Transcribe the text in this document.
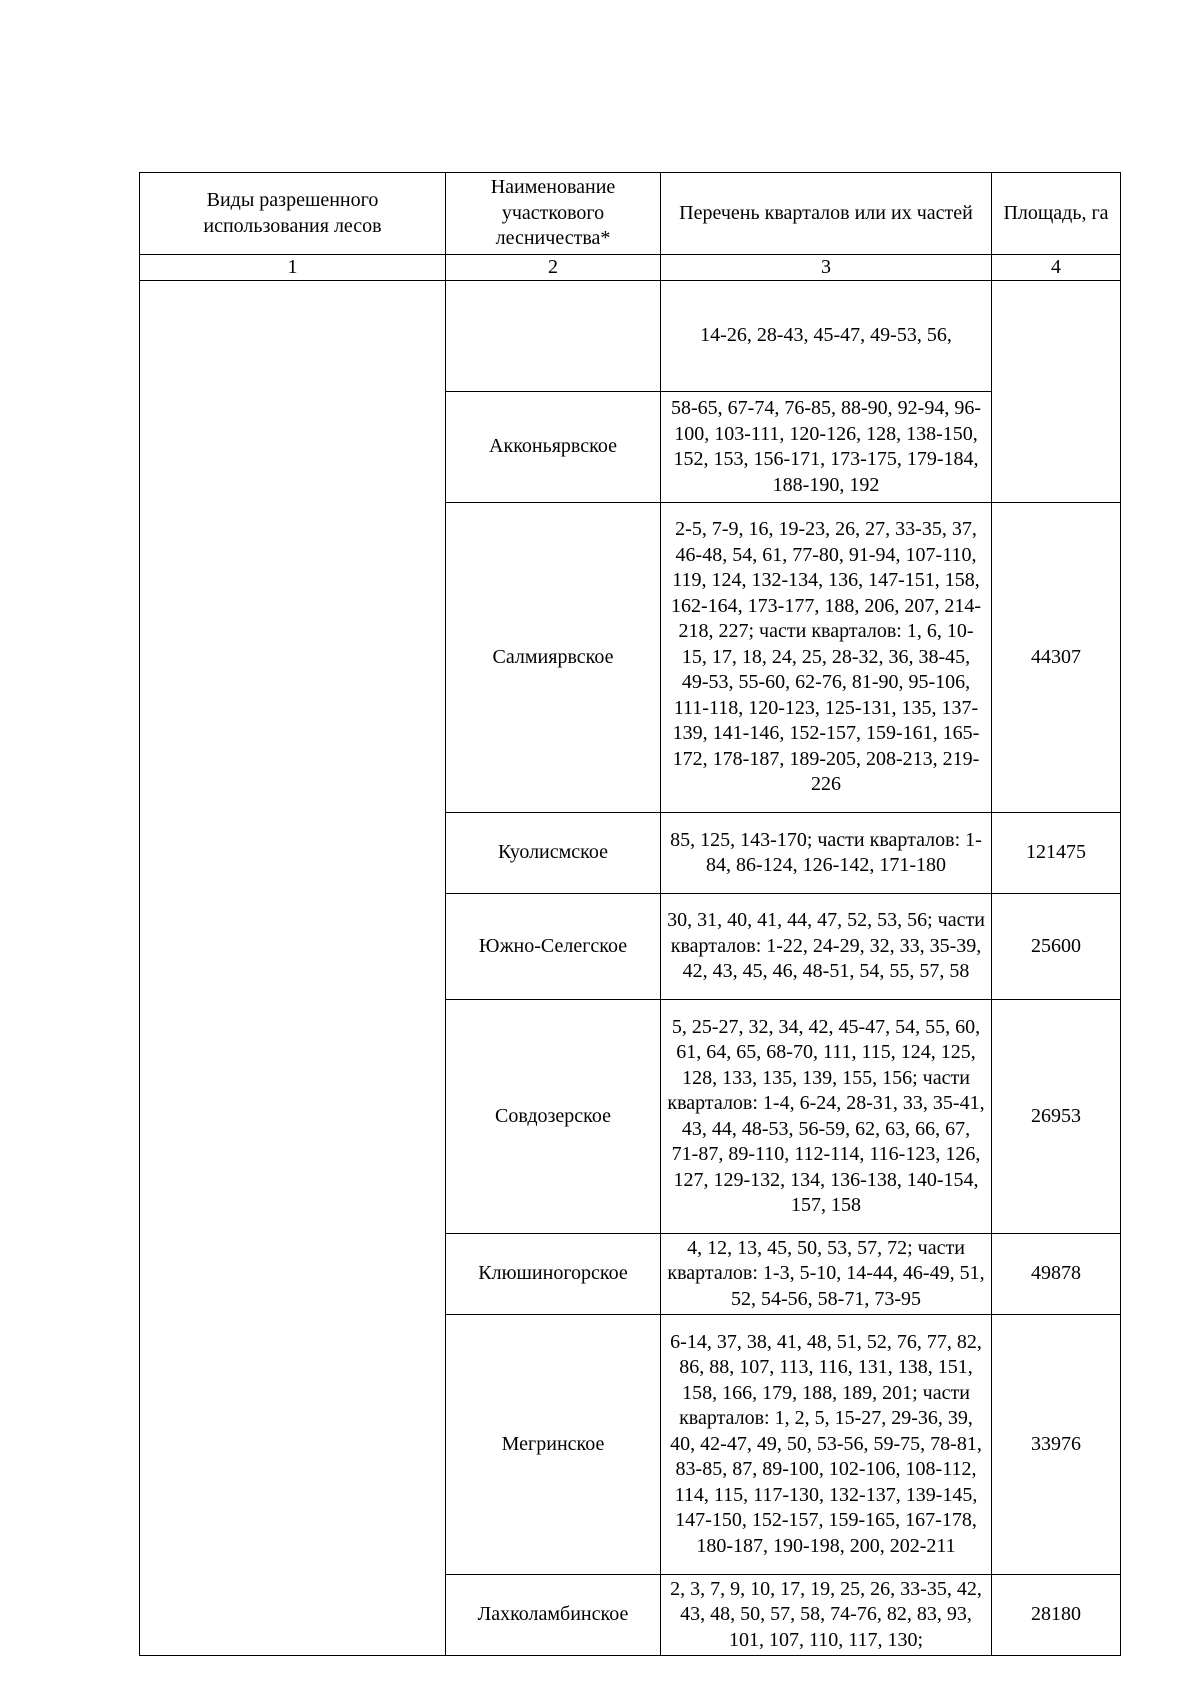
Виды разрешенного использования лесов	Наименование участкового лесничества*	Перечень кварталов или их частей	Площадь, га
1	2	3	4
		14-26, 28-43, 45-47, 49-53, 56,	
	Акконьярвское	58-65, 67-74, 76-85, 88-90, 92-94, 96-100, 103-111, 120-126, 128, 138-150, 152, 153, 156-171, 173-175, 179-184, 188-190, 192	
	Салмиярвское	2-5, 7-9, 16, 19-23, 26, 27, 33-35, 37, 46-48, 54, 61, 77-80, 91-94, 107-110, 119, 124, 132-134, 136, 147-151, 158, 162-164, 173-177, 188, 206, 207, 214-218, 227; части кварталов: 1, 6, 10-15, 17, 18, 24, 25, 28-32, 36, 38-45, 49-53, 55-60, 62-76, 81-90, 95-106, 111-118, 120-123, 125-131, 135, 137-139, 141-146, 152-157, 159-161, 165-172, 178-187, 189-205, 208-213, 219-226	44307
	Куолисмское	85, 125, 143-170; части кварталов: 1-84, 86-124, 126-142, 171-180	121475
	Южно-Селегское	30, 31, 40, 41, 44, 47, 52, 53, 56; части кварталов: 1-22, 24-29, 32, 33, 35-39, 42, 43, 45, 46, 48-51, 54, 55, 57, 58	25600
	Совдозерское	5, 25-27, 32, 34, 42, 45-47, 54, 55, 60, 61, 64, 65, 68-70, 111, 115, 124, 125, 128, 133, 135, 139, 155, 156; части кварталов: 1-4, 6-24, 28-31, 33, 35-41, 43, 44, 48-53, 56-59, 62, 63, 66, 67, 71-87, 89-110, 112-114, 116-123, 126, 127, 129-132, 134, 136-138, 140-154, 157, 158	26953
	Клюшиногорское	4, 12, 13, 45, 50, 53, 57, 72; части кварталов: 1-3, 5-10, 14-44, 46-49, 51, 52, 54-56, 58-71, 73-95	49878
	Мегринское	6-14, 37, 38, 41, 48, 51, 52, 76, 77, 82, 86, 88, 107, 113, 116, 131, 138, 151, 158, 166, 179, 188, 189, 201; части кварталов: 1, 2, 5, 15-27, 29-36, 39, 40, 42-47, 49, 50, 53-56, 59-75, 78-81, 83-85, 87, 89-100, 102-106, 108-112, 114, 115, 117-130, 132-137, 139-145, 147-150, 152-157, 159-165, 167-178, 180-187, 190-198, 200, 202-211	33976
	Лахколамбинское	2, 3, 7, 9, 10, 17, 19, 25, 26, 33-35, 42, 43, 48, 50, 57, 58, 74-76, 82, 83, 93, 101, 107, 110, 117, 130;	28180
